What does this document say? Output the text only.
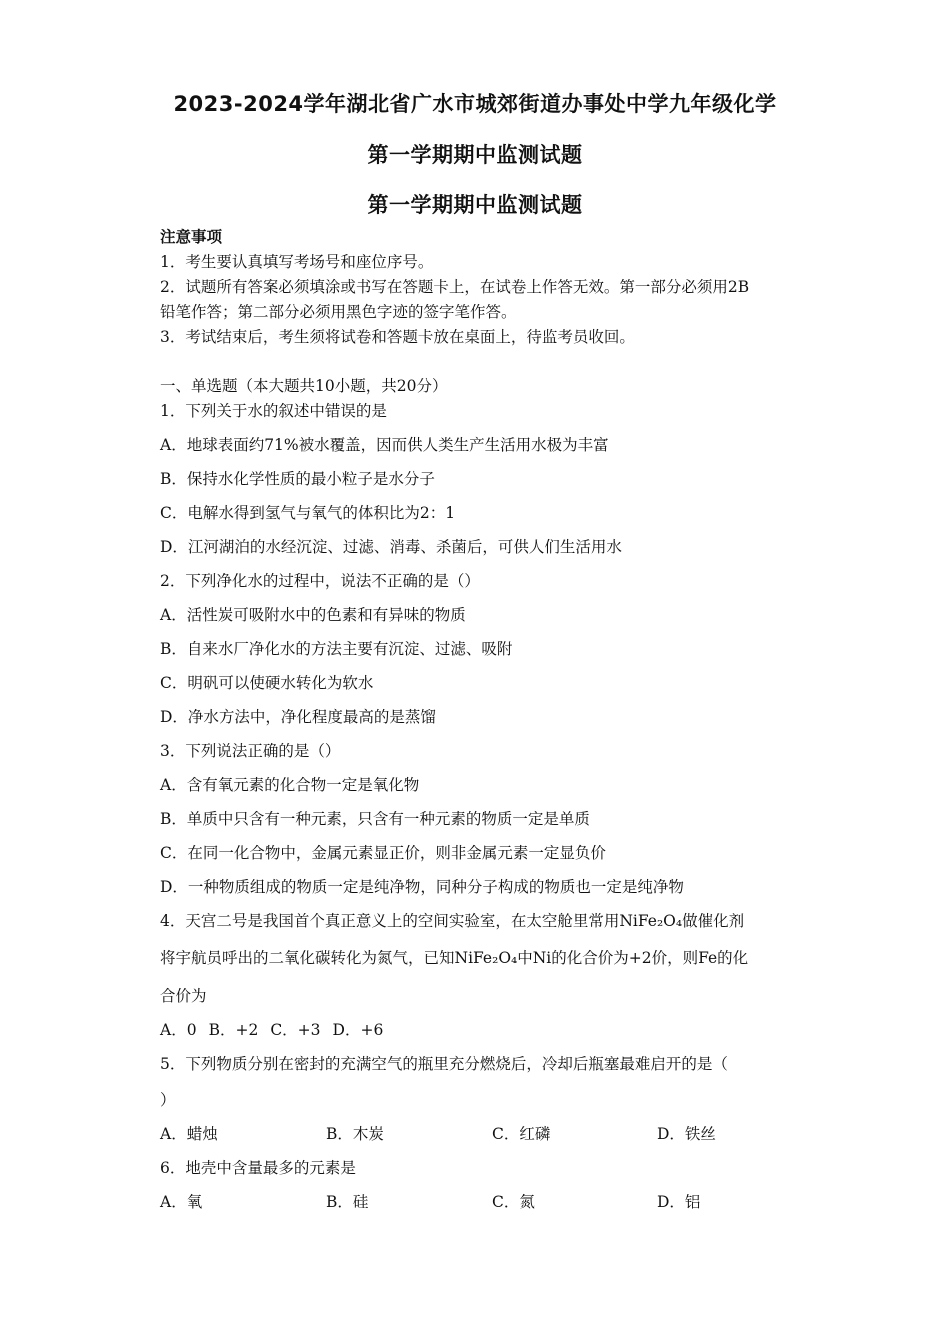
2023-2024学年湖北省广水市城郊街道办事处中学九年级化学
第一学期期中监测试题
第一学期期中监测试题
注意事项
1．考生要认真填写考场号和座位序号。
2．试题所有答案必须填涂或书写在答题卡上，在试卷上作答无效。第一部分必须用2B
铅笔作答；第二部分必须用黑色字迹的签字笔作答。
3．考试结束后，考生须将试卷和答题卡放在桌面上，待监考员收回。
一、单选题（本大题共10小题，共20分）
1．下列关于水的叙述中错误的是
A．地球表面约71%被水覆盖，因而供人类生产生活用水极为丰富
B．保持水化学性质的最小粒子是水分子
C．电解水得到氢气与氧气的体积比为2：1
D．江河湖泊的水经沉淀、过滤、消毒、杀菌后，可供人们生活用水
2．下列净化水的过程中，说法不正确的是（）
A．活性炭可吸附水中的色素和有异味的物质
B．自来水厂净化水的方法主要有沉淀、过滤、吸附
C．明矾可以使硬水转化为软水
D．净水方法中，净化程度最高的是蒸馏
3．下列说法正确的是（）
A．含有氧元素的化合物一定是氧化物
B．单质中只含有一种元素，只含有一种元素的物质一定是单质
C．在同一化合物中，金属元素显正价，则非金属元素一定显负价
D．一种物质组成的物质一定是纯净物，同种分子构成的物质也一定是纯净物
4．天宫二号是我国首个真正意义上的空间实验室，在太空舱里常用NiFe₂O₄做催化剂
将宇航员呼出的二氧化碳转化为氮气，已知NiFe₂O₄中Ni的化合价为+2价，则Fe的化
合价为
A．0 B．+2 C．+3 D．+6
5．下列物质分别在密封的充满空气的瓶里充分燃烧后，冷却后瓶塞最难启开的是（
）
A．蜡烛	B．木炭	C．红磷	D．铁丝
6．地壳中含量最多的元素是
A．氧	B．硅	C．氮	D．铝
